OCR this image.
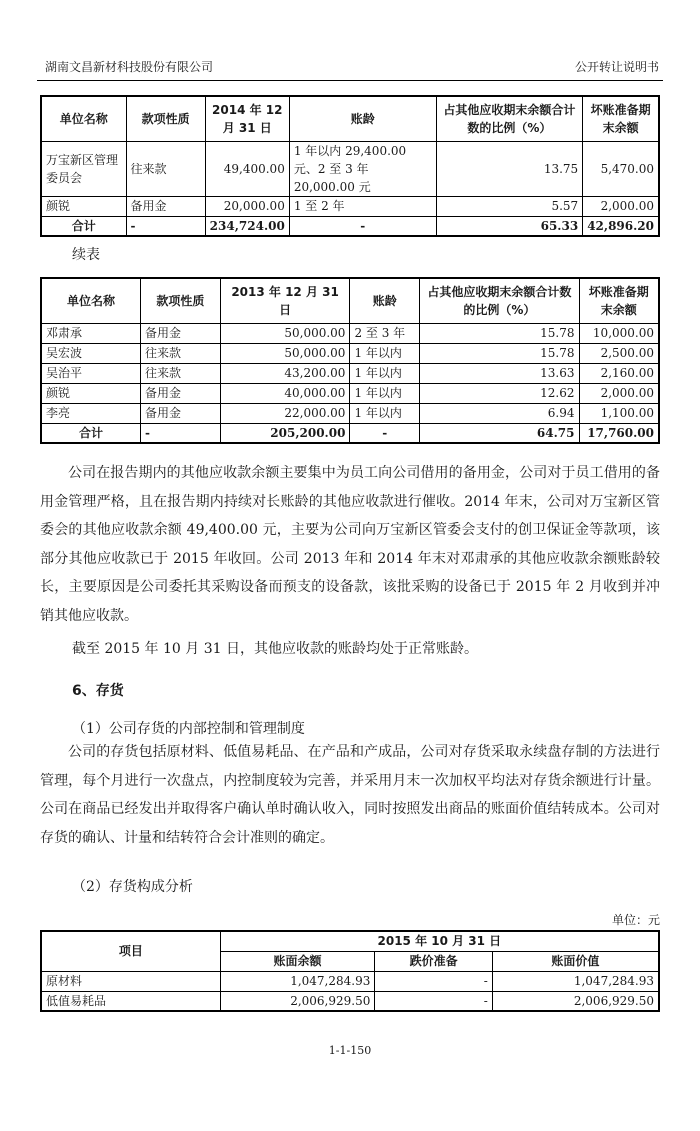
湖南文昌新材科技股份有限公司	公开转让说明书
单位名称	款项性质	2014 年 12 月 31 日	账龄	占其他应收期末余额合计数的比例（%）	坏账准备期末余额
万宝新区管理委员会	往来款	49,400.00	1 年以内 29,400.00 元、2 至 3 年 20,000.00 元	13.75	5,470.00
颜锐	备用金	20,000.00	1 至 2 年	5.57	2,000.00
合计	-	234,724.00	-	65.33	42,896.20
续表
单位名称	款项性质	2013 年 12 月 31 日	账龄	占其他应收期末余额合计数的比例（%）	坏账准备期末余额
邓肃承	备用金	50,000.00	2 至 3 年	15.78	10,000.00
吴宏波	往来款	50,000.00	1 年以内	15.78	2,500.00
吴治平	往来款	43,200.00	1 年以内	13.63	2,160.00
颜锐	备用金	40,000.00	1 年以内	12.62	2,000.00
李亮	备用金	22,000.00	1 年以内	6.94	1,100.00
合计	-	205,200.00	-	64.75	17,760.00
公司在报告期内的其他应收款余额主要集中为员工向公司借用的备用金，公司对于员工借用的备用金管理严格，且在报告期内持续对长账龄的其他应收款进行催收。2014 年末，公司对万宝新区管委会的其他应收款余额 49,400.00 元，主要为公司向万宝新区管委会支付的创卫保证金等款项，该部分其他应收款已于 2015 年收回。公司 2013 年和 2014 年末对邓肃承的其他应收款余额账龄较长，主要原因是公司委托其采购设备而预支的设备款，该批采购的设备已于 2015 年 2 月收到并冲销其他应收款。
截至 2015 年 10 月 31 日，其他应收款的账龄均处于正常账龄。
6、存货
（1）公司存货的内部控制和管理制度
公司的存货包括原材料、低值易耗品、在产品和产成品，公司对存货采取永续盘存制的方法进行管理，每个月进行一次盘点，内控制度较为完善，并采用月末一次加权平均法对存货余额进行计量。公司在商品已经发出并取得客户确认单时确认收入，同时按照发出商品的账面价值结转成本。公司对存货的确认、计量和结转符合会计准则的确定。
（2）存货构成分析
单位：元
项目	2015 年 10 月 31 日		
	账面余额	跌价准备	账面价值
原材料	1,047,284.93	-	1,047,284.93
低值易耗品	2,006,929.50	-	2,006,929.50
1-1-150
